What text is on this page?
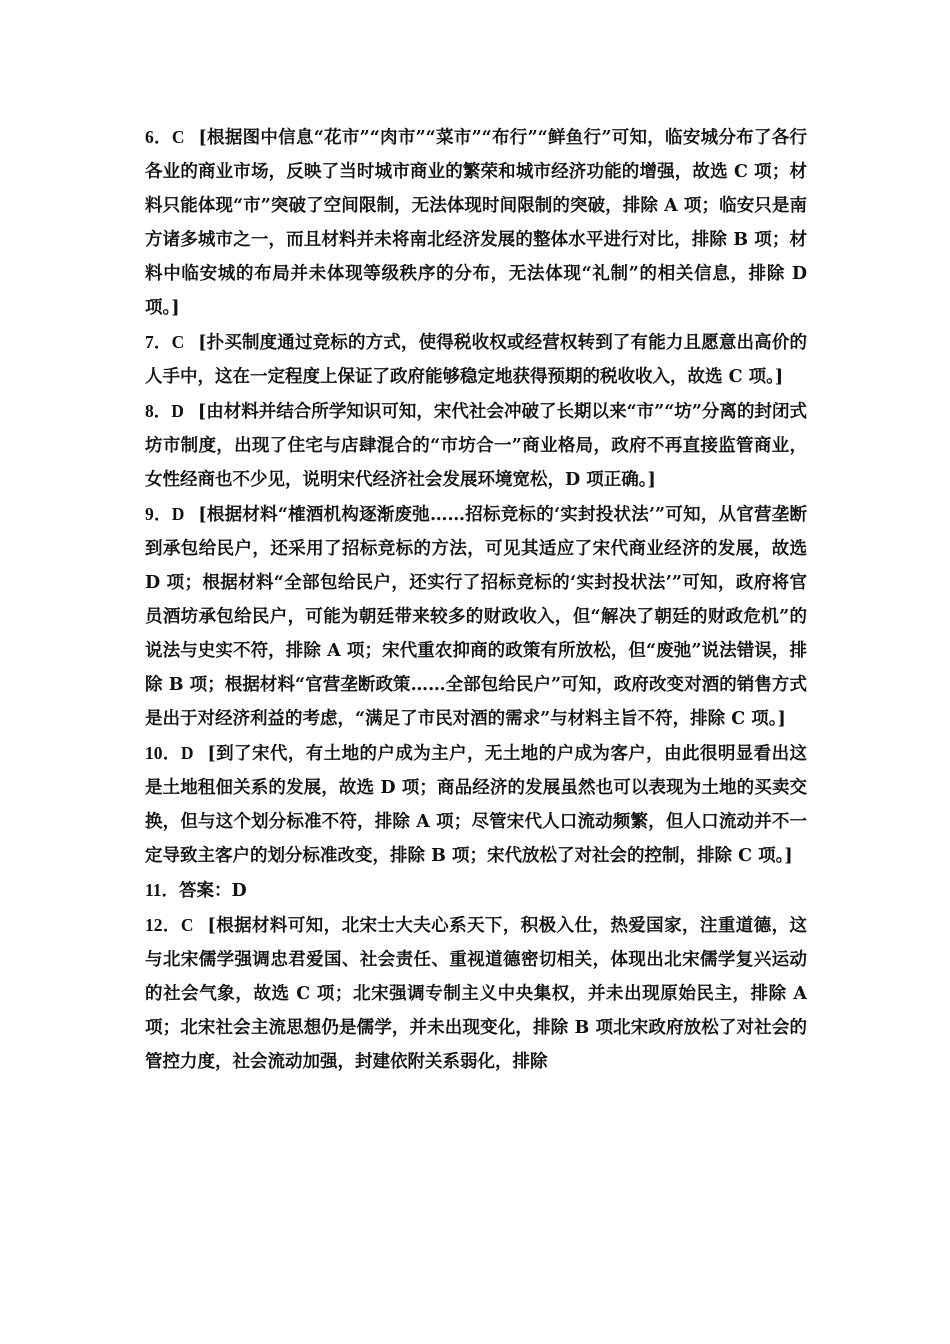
6．C [根据图中信息“花市”“肉市”“菜市”“布行”“鲜鱼行”可知，临安城分布了各行各业的商业市场，反映了当时城市商业的繁荣和城市经济功能的增强，故选 C 项；材料只能体现“市”突破了空间限制，无法体现时间限制的突破，排除 A 项；临安只是南方诸多城市之一，而且材料并未将南北经济发展的整体水平进行对比，排除 B 项；材料中临安城的布局并未体现等级秩序的分布，无法体现“礼制”的相关信息，排除 D 项。]

7．C [扑买制度通过竞标的方式，使得税收权或经营权转到了有能力且愿意出高价的人手中，这在一定程度上保证了政府能够稳定地获得预期的税收收入，故选 C 项。]

8．D [由材料并结合所学知识可知，宋代社会冲破了长期以来“市”“坊”分离的封闭式坊市制度，出现了住宅与店肆混合的“市坊合一”商业格局，政府不再直接监管商业，女性经商也不少见，说明宋代经济社会发展环境宽松，D 项正确。]

9．D [根据材料“榷酒机构逐渐废弛……招标竞标的‘实封投状法’”可知，从官营垄断到承包给民户，还采用了招标竞标的方法，可见其适应了宋代商业经济的发展，故选 D 项；根据材料“全部包给民户，还实行了招标竞标的‘实封投状法’”可知，政府将官员酒坊承包给民户，可能为朝廷带来较多的财政收入，但“解决了朝廷的财政危机”的说法与史实不符，排除 A 项；宋代重农抑商的政策有所放松，但“废弛”说法错误，排除 B 项；根据材料“官营垄断政策……全部包给民户”可知，政府改变对酒的销售方式是出于对经济利益的考虑，“满足了市民对酒的需求”与材料主旨不符，排除 C 项。]

10．D [到了宋代，有土地的户成为主户，无土地的户成为客户，由此很明显看出这是土地租佃关系的发展，故选 D 项；商品经济的发展虽然也可以表现为土地的买卖交换，但与这个划分标准不符，排除 A 项；尽管宋代人口流动频繁，但人口流动并不一定导致主客户的划分标准改变，排除 B 项；宋代放松了对社会的控制，排除 C 项。]

11．答案：D

12．C [根据材料可知，北宋士大夫心系天下，积极入仕，热爱国家，注重道德，这与北宋儒学强调忠君爱国、社会责任、重视道德密切相关，体现出北宋儒学复兴运动的社会气象，故选 C 项；北宋强调专制主义中央集权，并未出现原始民主，排除 A 项；北宋社会主流思想仍是儒学，并未出现变化，排除 B 项北宋政府放松了对社会的管控力度，社会流动加强，封建依附关系弱化，排除
